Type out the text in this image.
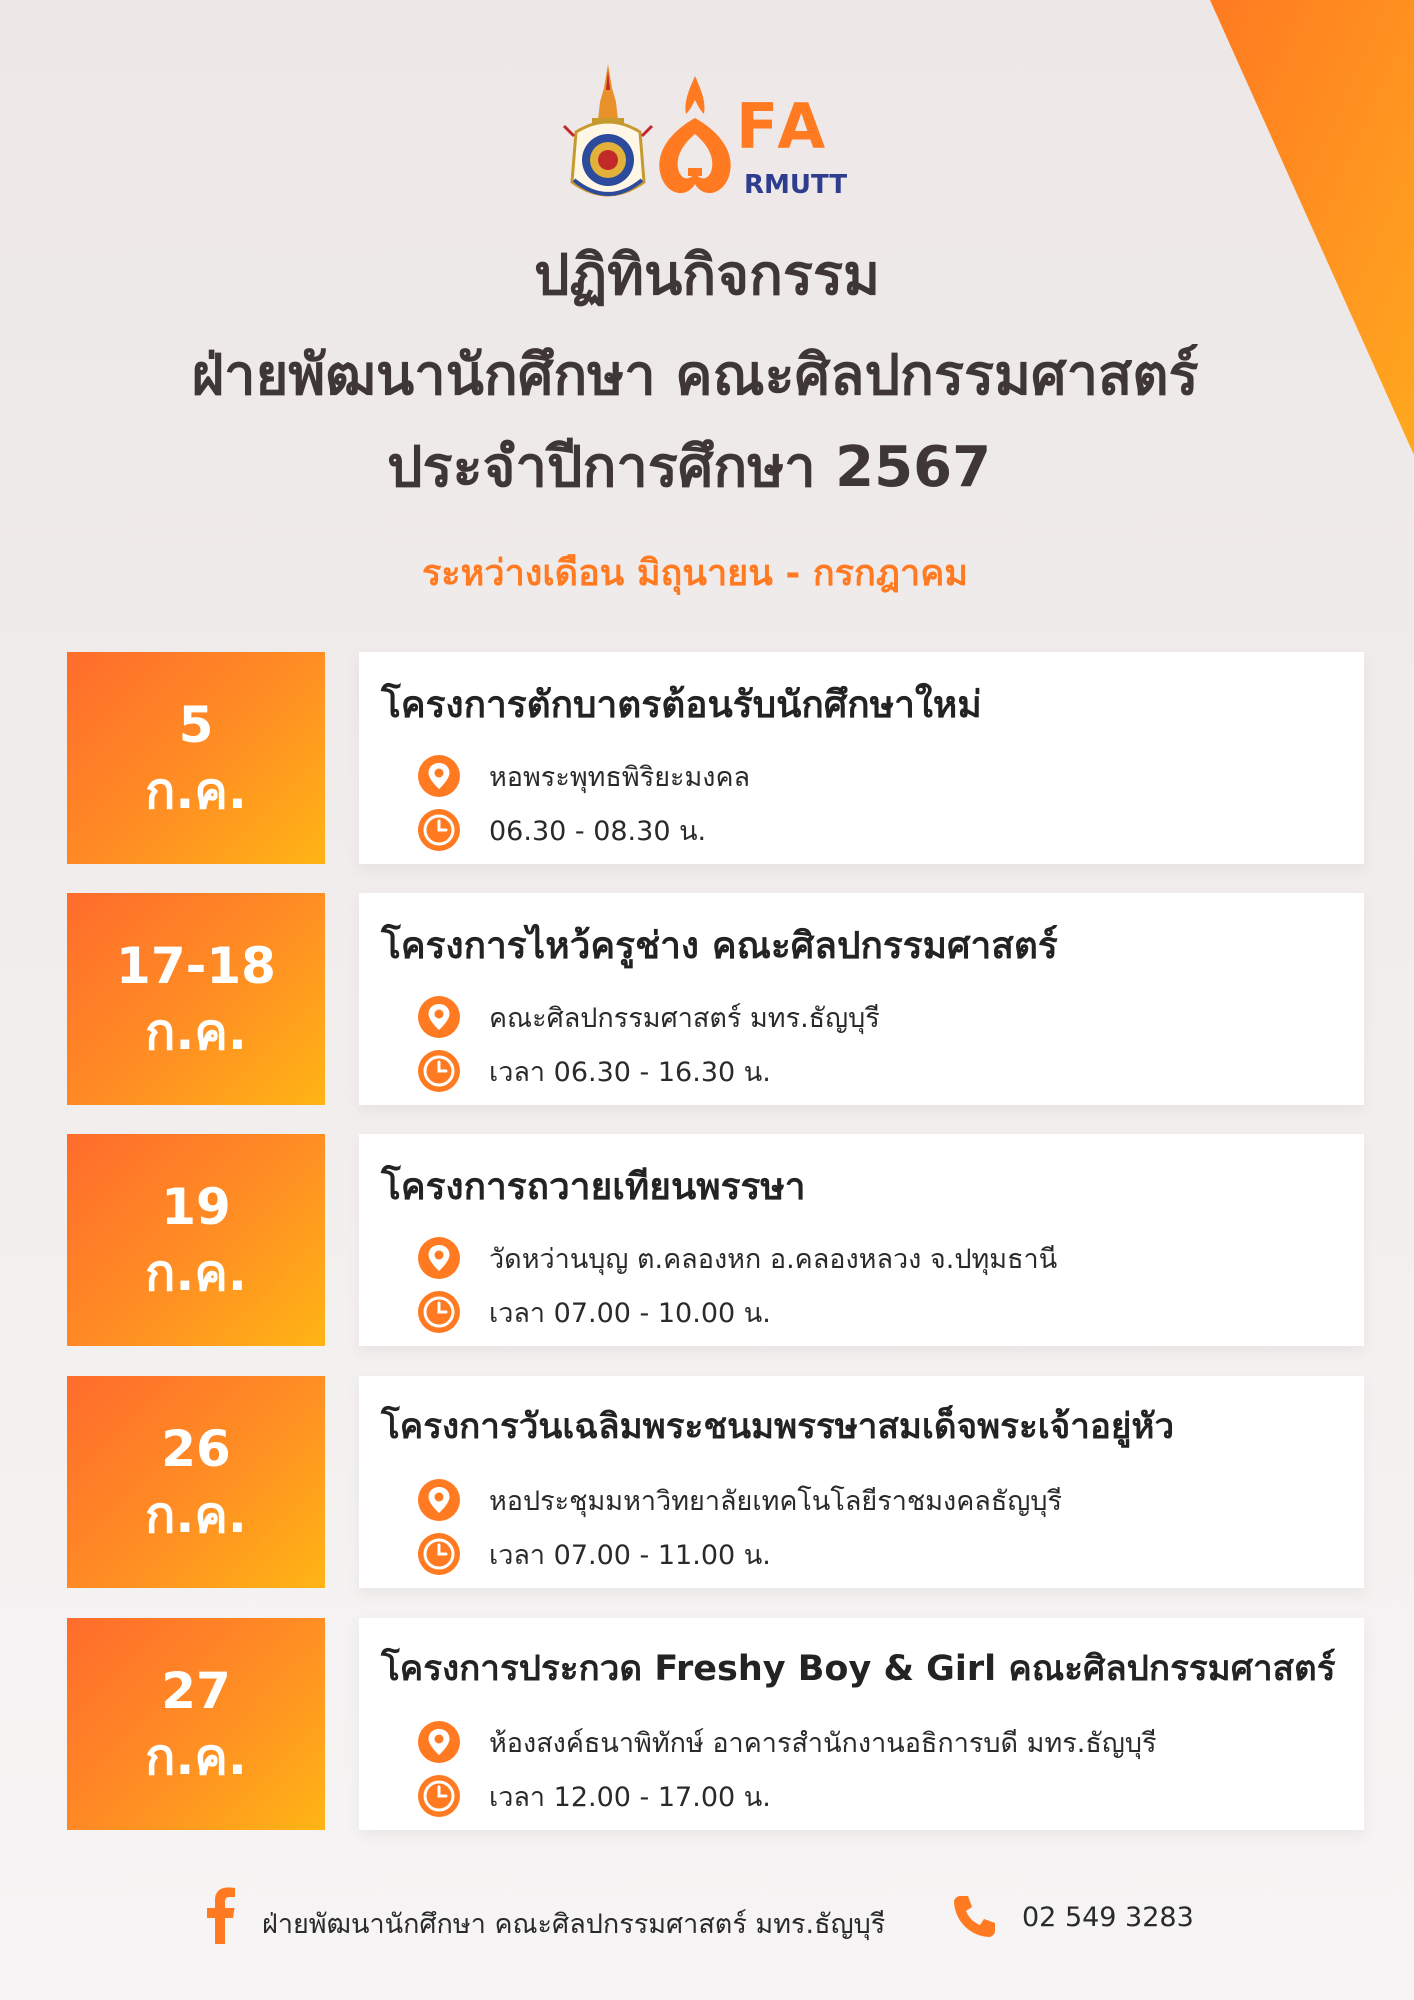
FA
RMUTT
ปฏิทินกิจกรรม
ฝ่ายพัฒนานักศึกษา คณะศิลปกรรมศาสตร์
ประจำปีการศึกษา 2567
ระหว่างเดือน มิถุนายน - กรกฎาคม
5
ก.ค.
โครงการตักบาตรต้อนรับนักศึกษาใหม่
หอพระพุทธพิริยะมงคล
06.30 - 08.30 น.
17-18
ก.ค.
โครงการไหว้ครูช่าง คณะศิลปกรรมศาสตร์
คณะศิลปกรรมศาสตร์ มทร.ธัญบุรี
เวลา 06.30 - 16.30 น.
19
ก.ค.
โครงการถวายเทียนพรรษา
วัดหว่านบุญ ต.คลองหก อ.คลองหลวง จ.ปทุมธานี
เวลา 07.00 - 10.00 น.
26
ก.ค.
โครงการวันเฉลิมพระชนมพรรษาสมเด็จพระเจ้าอยู่หัว
หอประชุมมหาวิทยาลัยเทคโนโลยีราชมงคลธัญบุรี
เวลา 07.00 - 11.00 น.
27
ก.ค.
โครงการประกวด Freshy Boy & Girl คณะศิลปกรรมศาสตร์
ห้องสงค์ธนาพิทักษ์ อาคารสำนักงานอธิการบดี มทร.ธัญบุรี
เวลา 12.00 - 17.00 น.
ฝ่ายพัฒนานักศึกษา คณะศิลปกรรมศาสตร์ มทร.ธัญบุรี	02 549 3283
